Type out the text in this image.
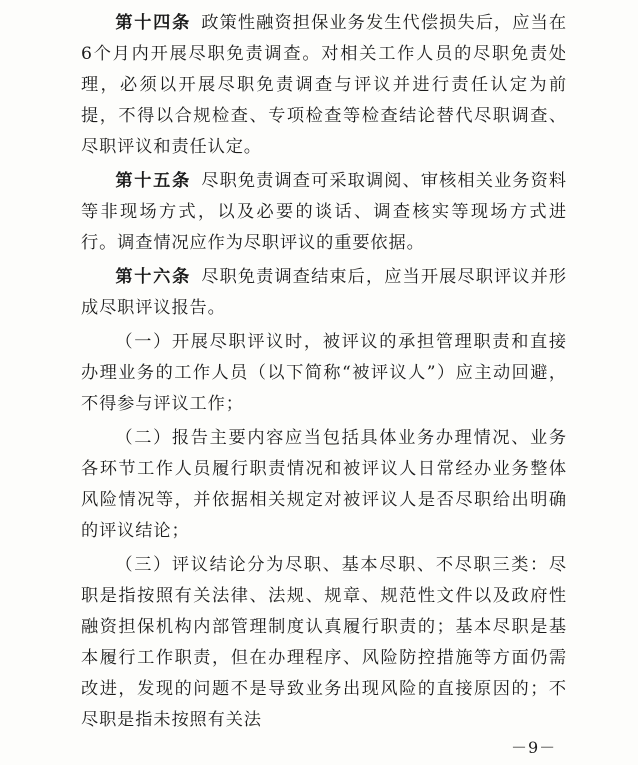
第十四条 政策性融资担保业务发生代偿损失后，应当在6个月内开展尽职免责调查。对相关工作人员的尽职免责处理，必须以开展尽职免责调查与评议并进行责任认定为前提，不得以合规检查、专项检查等检查结论替代尽职调查、尽职评议和责任认定。

第十五条 尽职免责调查可采取调阅、审核相关业务资料等非现场方式，以及必要的谈话、调查核实等现场方式进行。调查情况应作为尽职评议的重要依据。

第十六条 尽职免责调查结束后，应当开展尽职评议并形成尽职评议报告。

（一）开展尽职评议时，被评议的承担管理职责和直接办理业务的工作人员（以下简称“被评议人”）应主动回避，不得参与评议工作；

（二）报告主要内容应当包括具体业务办理情况、业务各环节工作人员履行职责情况和被评议人日常经办业务整体风险情况等，并依据相关规定对被评议人是否尽职给出明确的评议结论；

（三）评议结论分为尽职、基本尽职、不尽职三类：尽职是指按照有关法律、法规、规章、规范性文件以及政府性融资担保机构内部管理制度认真履行职责的；基本尽职是基本履行工作职责，但在办理程序、风险防控措施等方面仍需改进，发现的问题不是导致业务出现风险的直接原因的；不尽职是指未按照有关法

－9－
